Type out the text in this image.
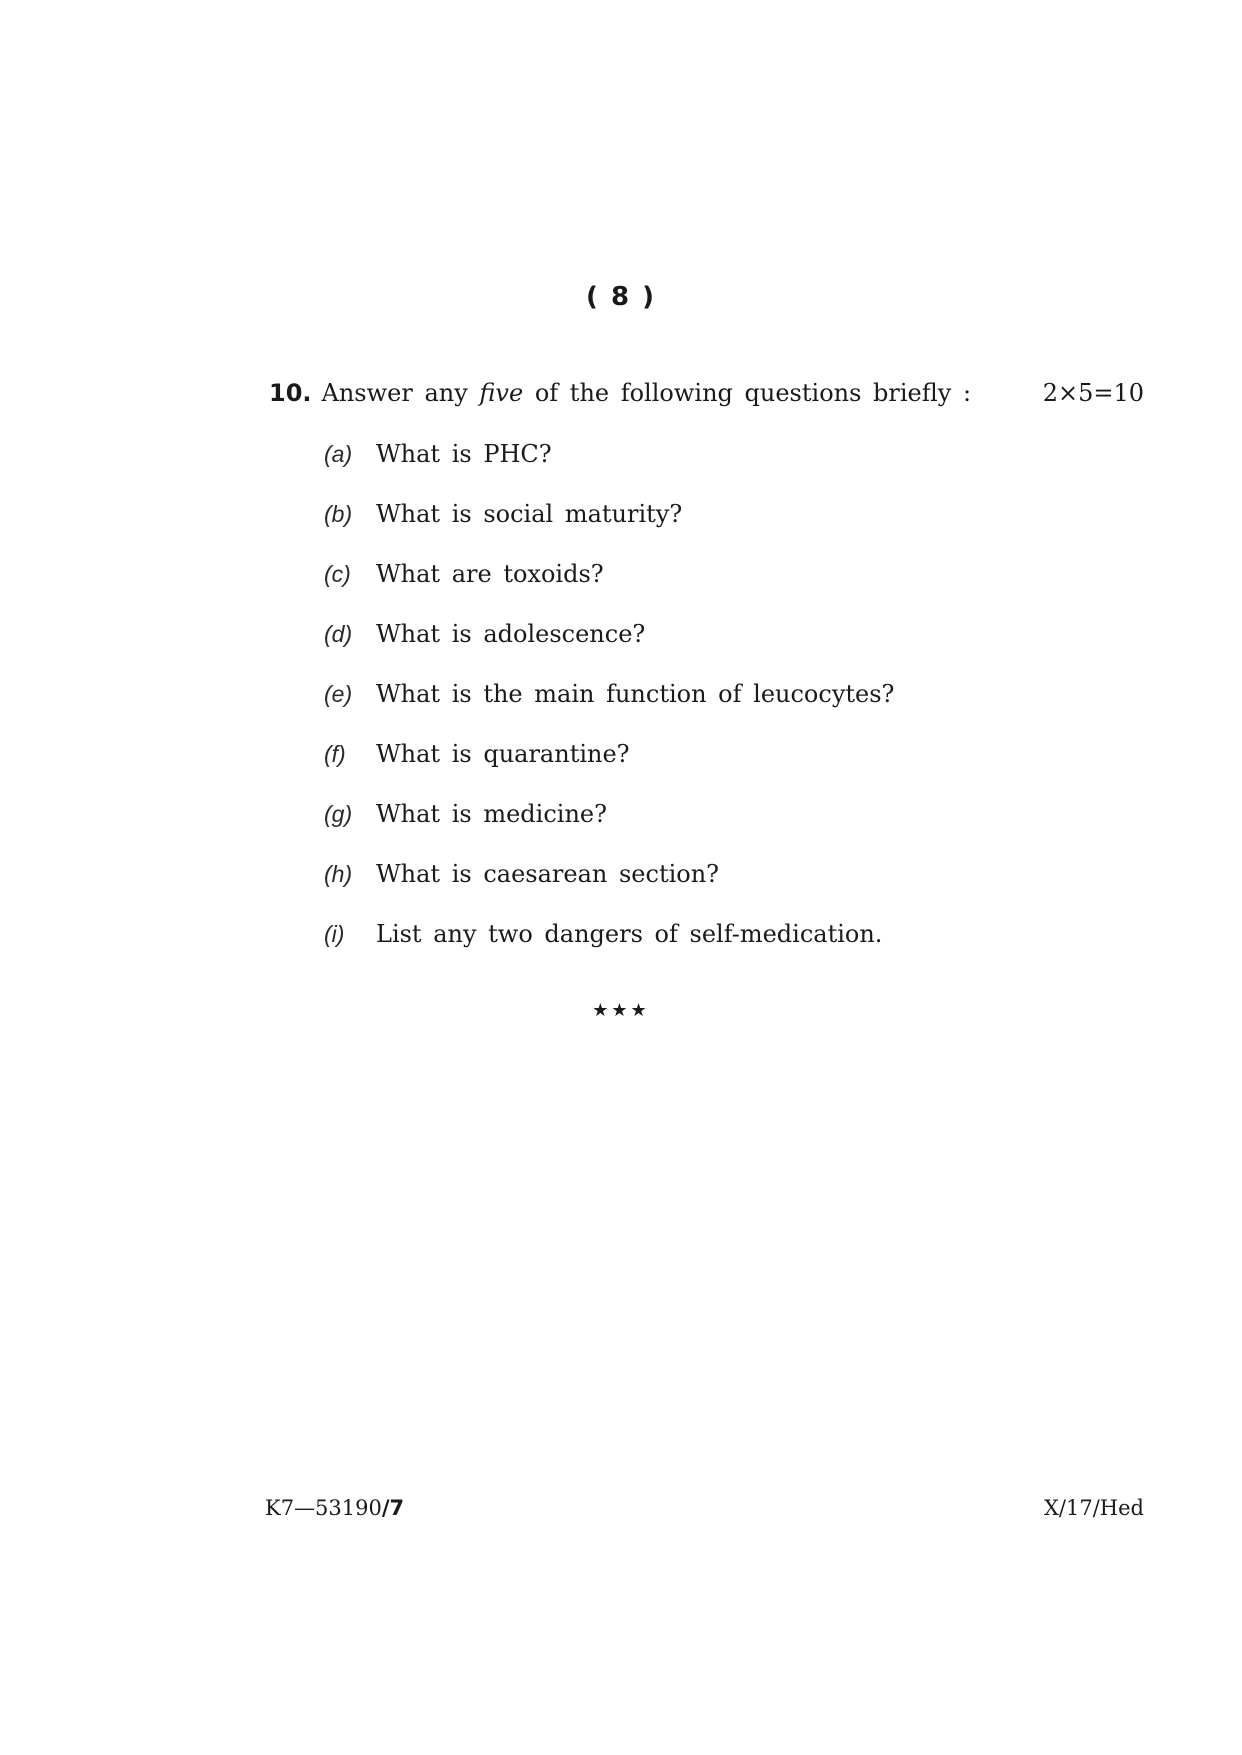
( 8 )
10. Answer any five of the following questions briefly :	2×5=10
(a) What is PHC?
(b) What is social maturity?
(c) What are toxoids?
(d) What is adolescence?
(e) What is the main function of leucocytes?
(f) What is quarantine?
(g) What is medicine?
(h) What is caesarean section?
(i) List any two dangers of self-medication.
★★★
K7—53190/7	X/17/Hed
